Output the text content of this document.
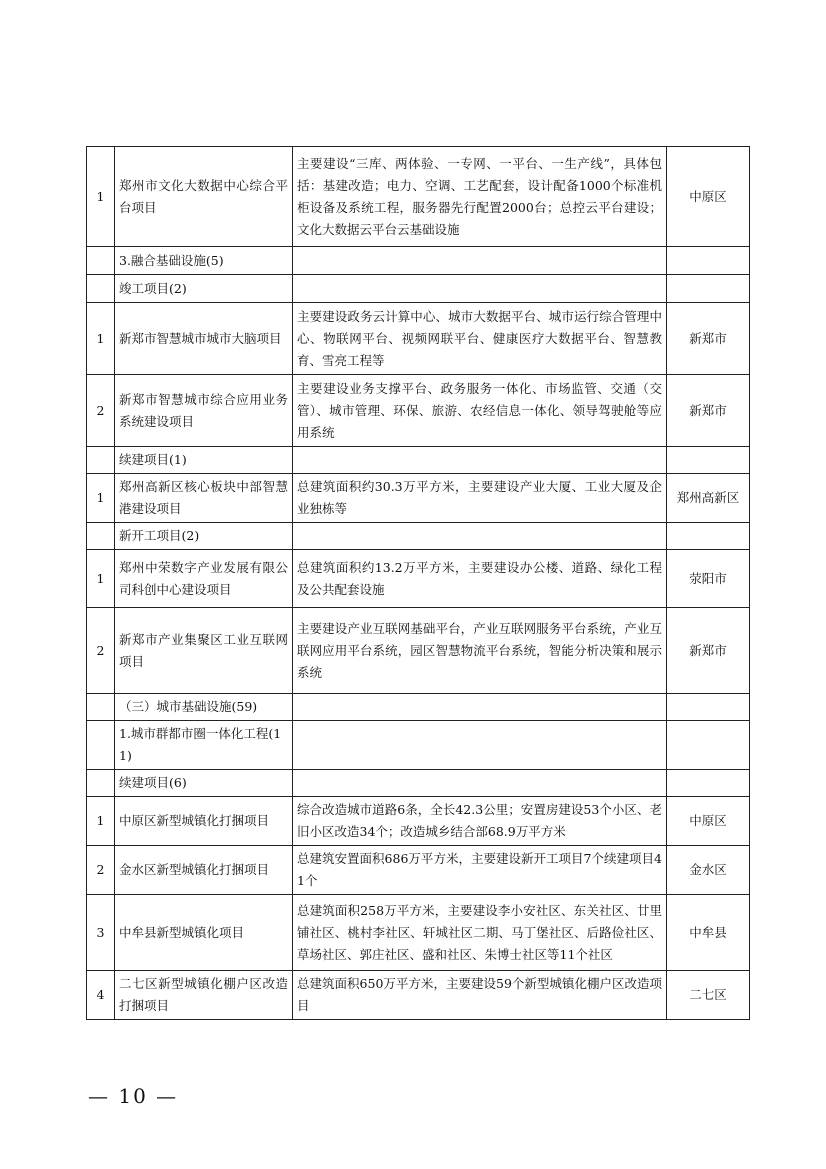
1	郑州市文化大数据中心综合平台项目	主要建设“三库、两体验、一专网、一平台、一生产线”，具体包括：基建改造；电力、空调、工艺配套，设计配备1000个标准机柜设备及系统工程，服务器先行配置2000台；总控云平台建设；文化大数据云平台云基础设施	中原区
	3.融合基础设施(5)		
	竣工项目(2)		
1	新郑市智慧城市城市大脑项目	主要建设政务云计算中心、城市大数据平台、城市运行综合管理中心、物联网平台、视频网联平台、健康医疗大数据平台、智慧教育、雪亮工程等	新郑市
2	新郑市智慧城市综合应用业务系统建设项目	主要建设业务支撑平台、政务服务一体化、市场监管、交通（交管）、城市管理、环保、旅游、农经信息一体化、领导驾驶舱等应用系统	新郑市
	续建项目(1)		
1	郑州高新区核心板块中部智慧港建设项目	总建筑面积约30.3万平方米，主要建设产业大厦、工业大厦及企业独栋等	郑州高新区
	新开工项目(2)		
1	郑州中荣数字产业发展有限公司科创中心建设项目	总建筑面积约13.2万平方米，主要建设办公楼、道路、绿化工程及公共配套设施	荥阳市
2	新郑市产业集聚区工业互联网项目	主要建设产业互联网基础平台，产业互联网服务平台系统，产业互联网应用平台系统，园区智慧物流平台系统，智能分析决策和展示系统	新郑市
	（三）城市基础设施(59)		
	1.城市群都市圈一体化工程(11)		
	续建项目(6)		
1	中原区新型城镇化打捆项目	综合改造城市道路6条，全长42.3公里；安置房建设53个小区、老旧小区改造34个；改造城乡结合部68.9万平方米	中原区
2	金水区新型城镇化打捆项目	总建筑安置面积686万平方米，主要建设新开工项目7个续建项目41个	金水区
3	中牟县新型城镇化项目	总建筑面积258万平方米，主要建设李小安社区、东关社区、廿里铺社区、桃村李社区、轩城社区二期、马丁堡社区、后路俭社区、草场社区、郭庄社区、盛和社区、朱博士社区等11个社区	中牟县
4	二七区新型城镇化棚户区改造打捆项目	总建筑面积650万平方米，主要建设59个新型城镇化棚户区改造项目	二七区
— 10 —
